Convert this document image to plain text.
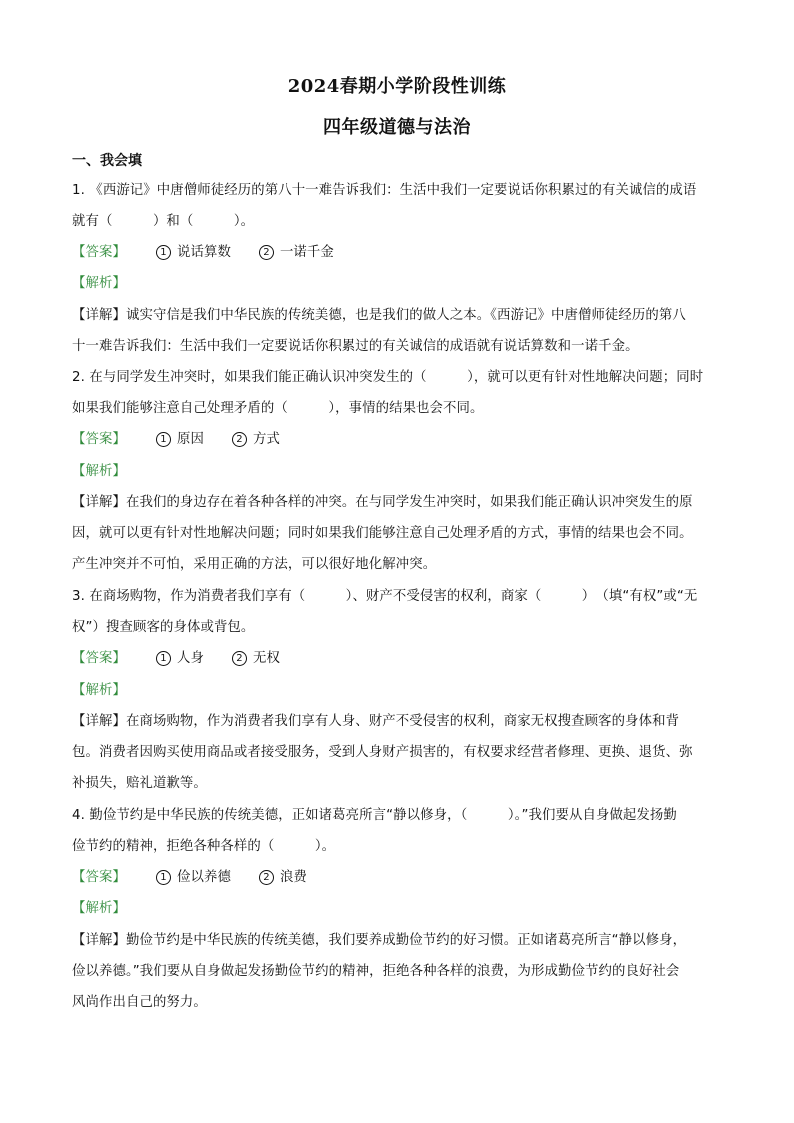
2024春期小学阶段性训练
四年级道德与法治
一、我会填
1. 《西游记》中唐僧师徒经历的第八十一难告诉我们：生活中我们一定要说话你积累过的有关诚信的成语
就有（　　　）和（　　　）。
【答案】	1 说话算数	2 一诺千金
【解析】
【详解】诚实守信是我们中华民族的传统美德，也是我们的做人之本。《西游记》中唐僧师徒经历的第八
十一难告诉我们：生活中我们一定要说话你积累过的有关诚信的成语就有说话算数和一诺千金。
2. 在与同学发生冲突时，如果我们能正确认识冲突发生的（　　　），就可以更有针对性地解决问题；同时
如果我们能够注意自己处理矛盾的（　　　），事情的结果也会不同。
【答案】	1 原因	2 方式
【解析】
【详解】在我们的身边存在着各种各样的冲突。在与同学发生冲突时，如果我们能正确认识冲突发生的原
因，就可以更有针对性地解决问题；同时如果我们能够注意自己处理矛盾的方式，事情的结果也会不同。
产生冲突并不可怕，采用正确的方法，可以很好地化解冲突。
3. 在商场购物，作为消费者我们享有（　　　）、财产不受侵害的权利，商家（　　　）　（填“有权”或“无
权”）搜查顾客的身体或背包。
【答案】	1 人身	2 无权
【解析】
【详解】在商场购物，作为消费者我们享有人身、财产不受侵害的权利，商家无权搜查顾客的身体和背
包。消费者因购买使用商品或者接受服务，受到人身财产损害的，有权要求经营者修理、更换、退货、弥
补损失，赔礼道歉等。
4. 勤俭节约是中华民族的传统美德，正如诸葛亮所言“静以修身，（　　　）。”我们要从自身做起发扬勤
俭节约的精神，拒绝各种各样的（　　　）。
【答案】	1 俭以养德	2 浪费
【解析】
【详解】勤俭节约是中华民族的传统美德，我们要养成勤俭节约的好习惯。正如诸葛亮所言“静以修身，
俭以养德。”我们要从自身做起发扬勤俭节约的精神，拒绝各种各样的浪费，为形成勤俭节约的良好社会
风尚作出自己的努力。
